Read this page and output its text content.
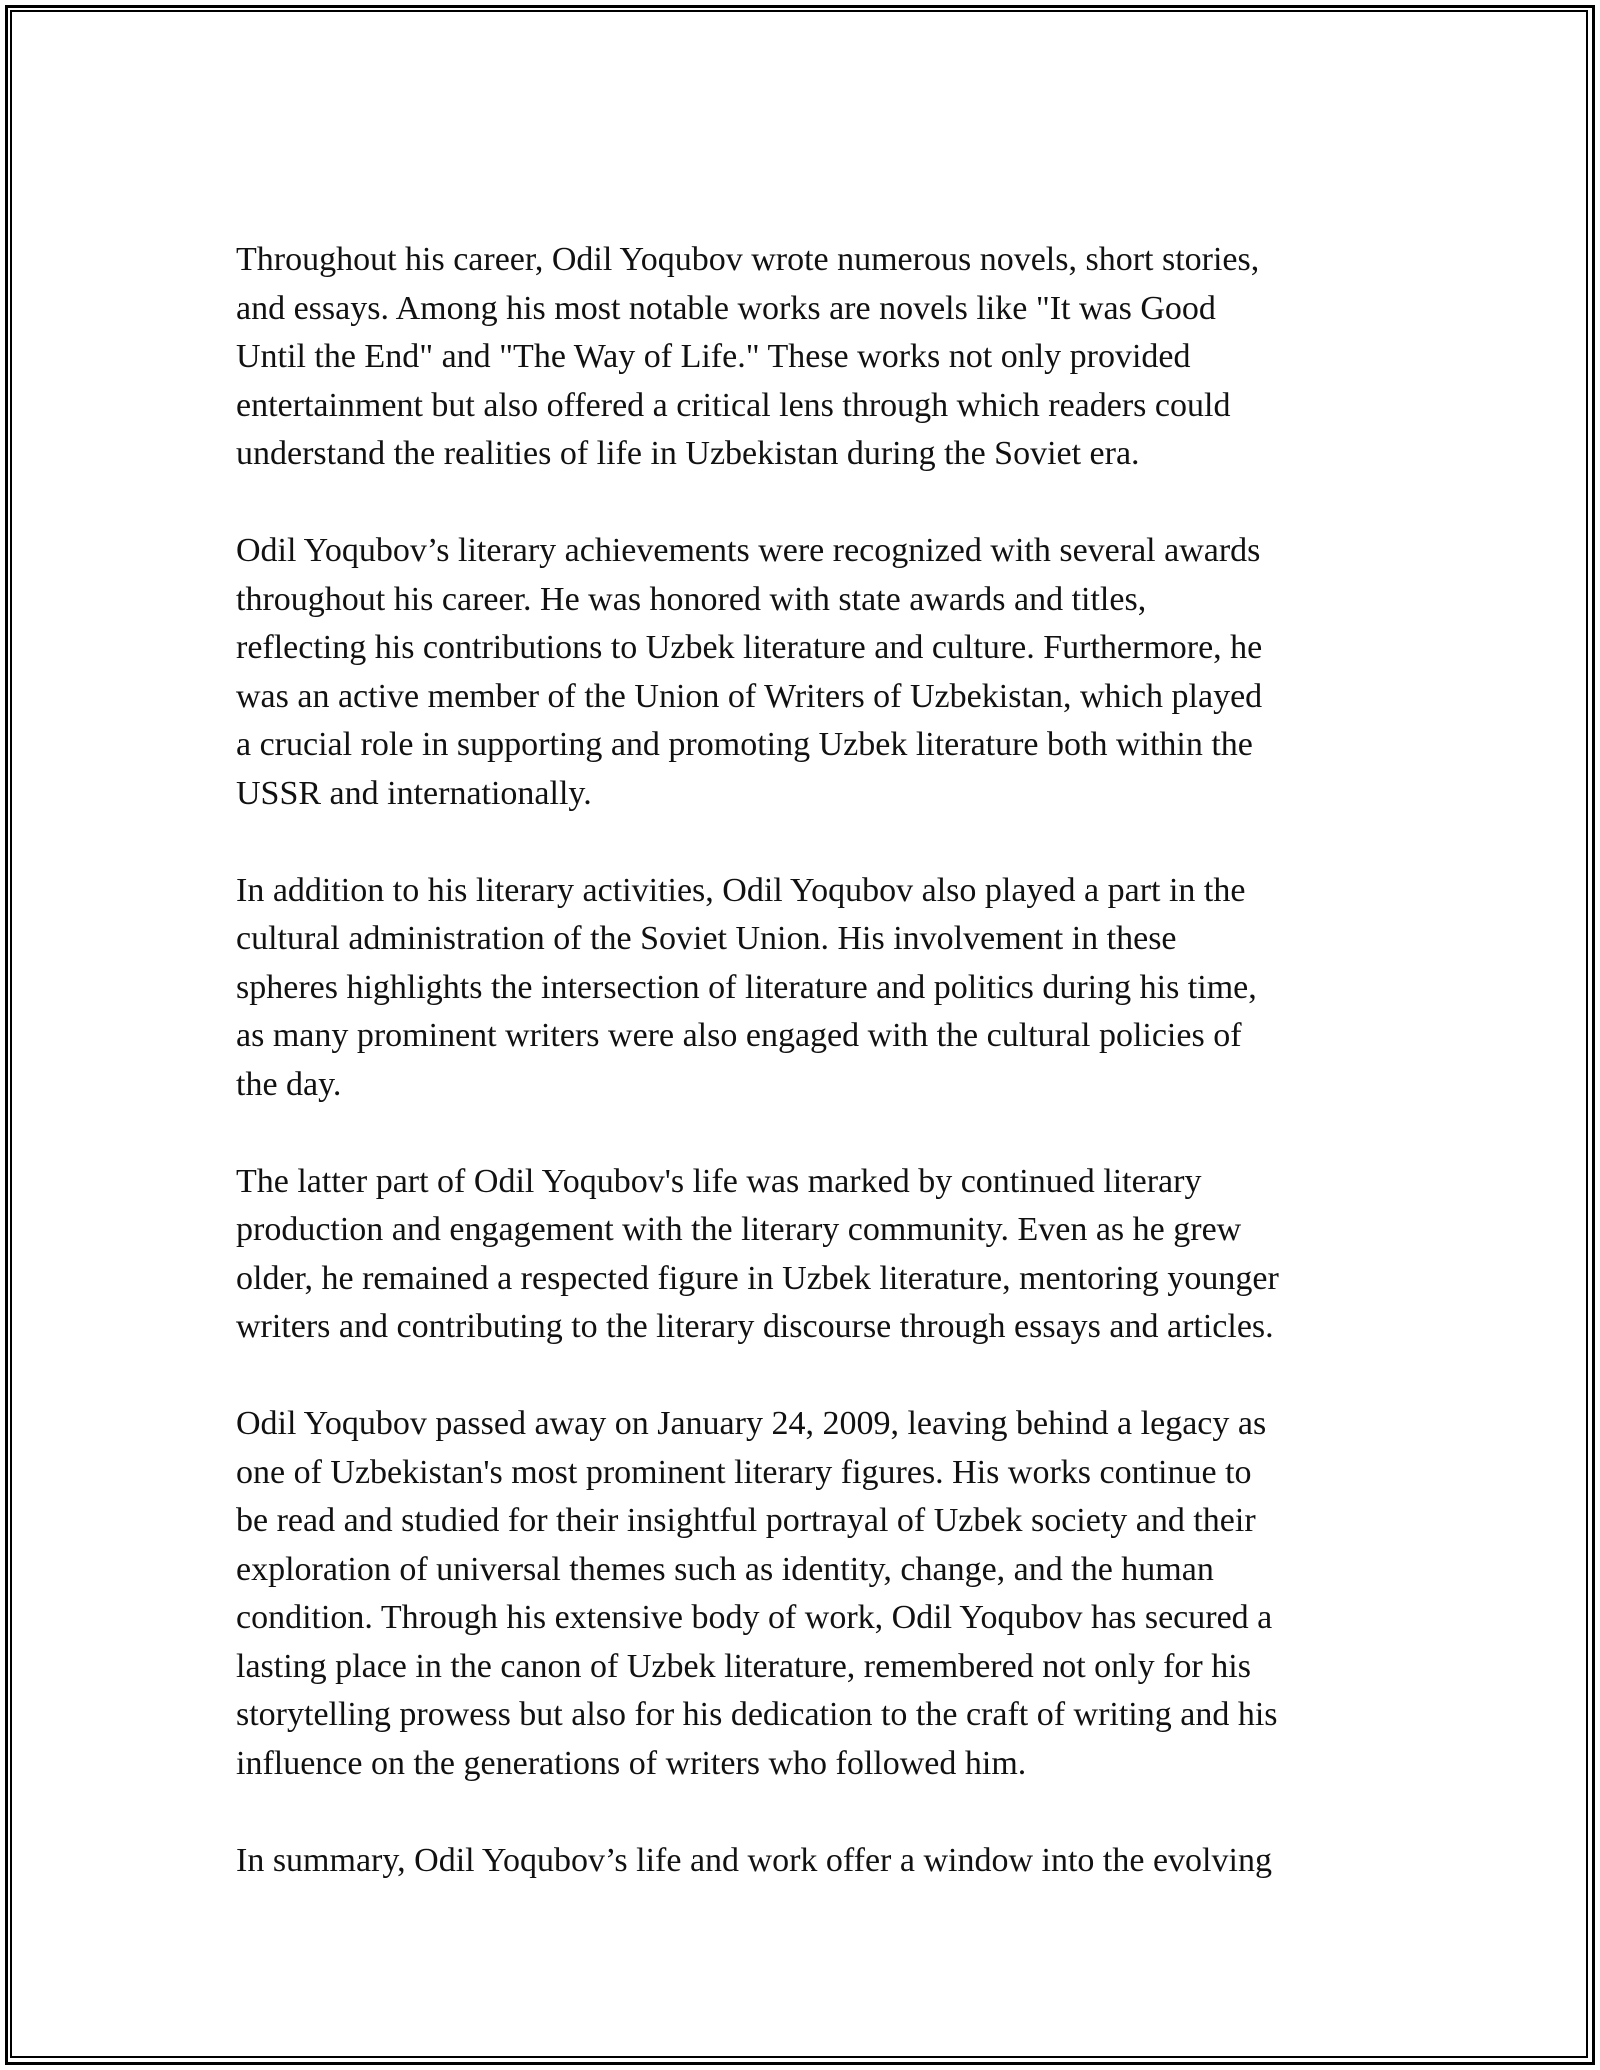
Throughout his career, Odil Yoqubov wrote numerous novels, short stories,
and essays. Among his most notable works are novels like "It was Good
Until the End" and "The Way of Life." These works not only provided
entertainment but also offered a critical lens through which readers could
understand the realities of life in Uzbekistan during the Soviet era.

Odil Yoqubov’s literary achievements were recognized with several awards
throughout his career. He was honored with state awards and titles,
reflecting his contributions to Uzbek literature and culture. Furthermore, he
was an active member of the Union of Writers of Uzbekistan, which played
a crucial role in supporting and promoting Uzbek literature both within the
USSR and internationally.

In addition to his literary activities, Odil Yoqubov also played a part in the
cultural administration of the Soviet Union. His involvement in these
spheres highlights the intersection of literature and politics during his time,
as many prominent writers were also engaged with the cultural policies of
the day.

The latter part of Odil Yoqubov's life was marked by continued literary
production and engagement with the literary community. Even as he grew
older, he remained a respected figure in Uzbek literature, mentoring younger
writers and contributing to the literary discourse through essays and articles.

Odil Yoqubov passed away on January 24, 2009, leaving behind a legacy as
one of Uzbekistan's most prominent literary figures. His works continue to
be read and studied for their insightful portrayal of Uzbek society and their
exploration of universal themes such as identity, change, and the human
condition. Through his extensive body of work, Odil Yoqubov has secured a
lasting place in the canon of Uzbek literature, remembered not only for his
storytelling prowess but also for his dedication to the craft of writing and his
influence on the generations of writers who followed him.

In summary, Odil Yoqubov’s life and work offer a window into the evolving
